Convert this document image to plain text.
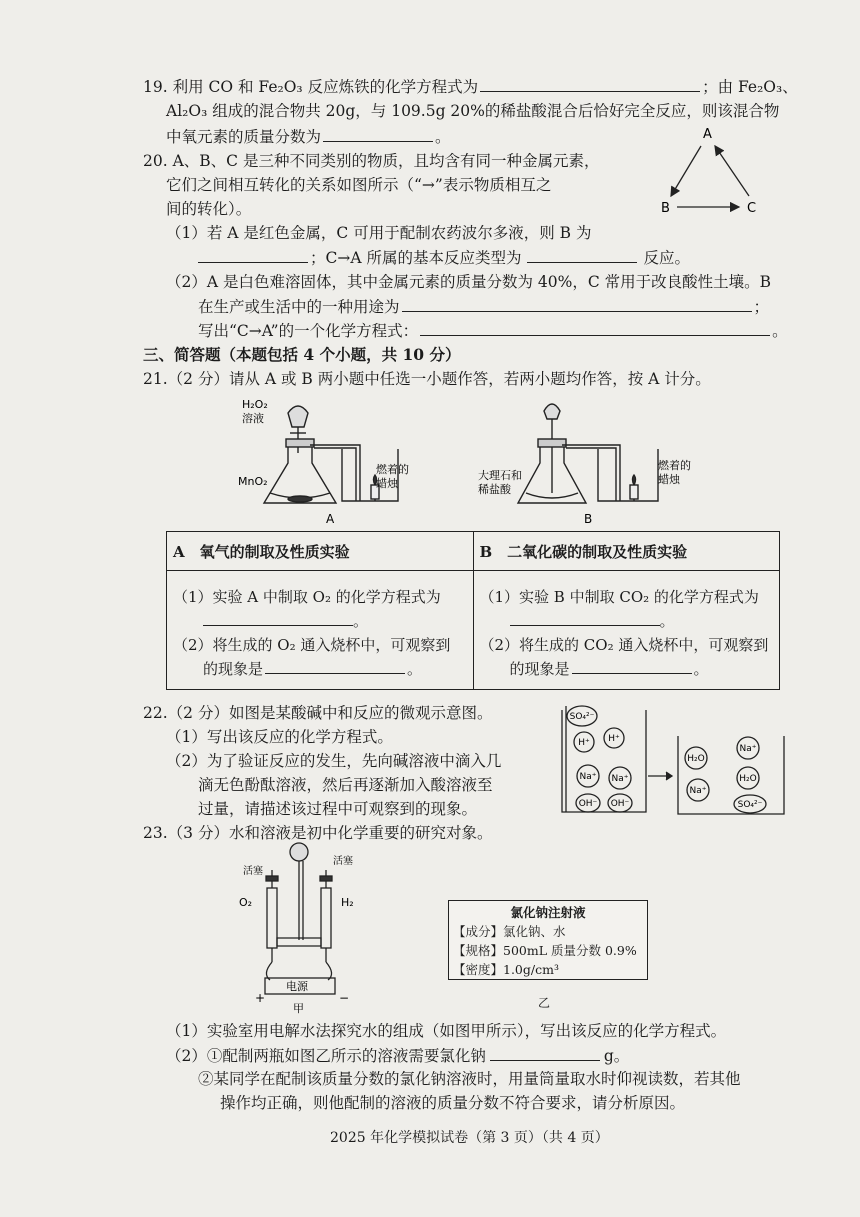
19. 利用 CO 和 Fe₂O₃ 反应炼铁的化学方程式为	；由 Fe₂O₃、
Al₂O₃ 组成的混合物共 20g，与 109.5g 20%的稀盐酸混合后恰好完全反应，则该混合物
中氧元素的质量分数为	。
20. A、B、C 是三种不同类别的物质，且均含有同一种金属元素，
它们之间相互转化的关系如图所示（“→”表示物质相互之
间的转化）。
A
B	C
（1）若 A 是红色金属，C 可用于配制农药波尔多液，则 B 为
；C→A 所属的基本反应类型为	反应。
（2）A 是白色难溶固体，其中金属元素的质量分数为 40%，C 常用于改良酸性土壤。B
在生产或生活中的一种用途为	；
写出“C→A”的一个化学方程式：	。
三、简答题（本题包括 4 个小题，共 10 分）
21.（2 分）请从 A 或 B 两小题中任选一小题作答，若两小题均作答，按 A 计分。
H₂O₂
溶液
MnO₂
燃着的
蜡烛
A
大理石和
稀盐酸
燃着的
蜡烛
B
A　氧气的制取及性质实验	B　二氧化碳的制取及性质实验

（1）实验 A 中制取 O₂ 的化学方程式为
。
（2）将生成的 O₂ 通入烧杯中，可观察到
的现象是 。	（1）实验 B 中制取 CO₂ 的化学方程式为
。
（2）将生成的 CO₂ 通入烧杯中，可观察到
的现象是 。
22.（2 分）如图是某酸碱中和反应的微观示意图。
（1）写出该反应的化学方程式。
（2）为了验证反应的发生，先向碱溶液中滴入几
滴无色酚酞溶液，然后再逐渐加入酸溶液至
过量，请描述该过程中可观察到的现象。
SO₄²⁻
H⁺ H⁺
Na⁺ Na⁺
OH⁻ OH⁻
H₂O
Na⁺
Na⁺
H₂O
SO₄²⁻
23.（3 分）水和溶液是初中化学重要的研究对象。
活塞
活塞
O₂	H₂
电源
+	−
甲
氯化钠注射液
【成分】氯化钠、水
【规格】500mL 质量分数 0.9%
【密度】1.0g/cm³
乙
（1）实验室用电解水法探究水的组成（如图甲所示），写出该反应的化学方程式。
（2）①配制两瓶如图乙所示的溶液需要氯化钠	g。
②某同学在配制该质量分数的氯化钠溶液时，用量筒量取水时仰视读数，若其他
操作均正确，则他配制的溶液的质量分数不符合要求，请分析原因。
2025 年化学模拟试卷（第 3 页）（共 4 页）
